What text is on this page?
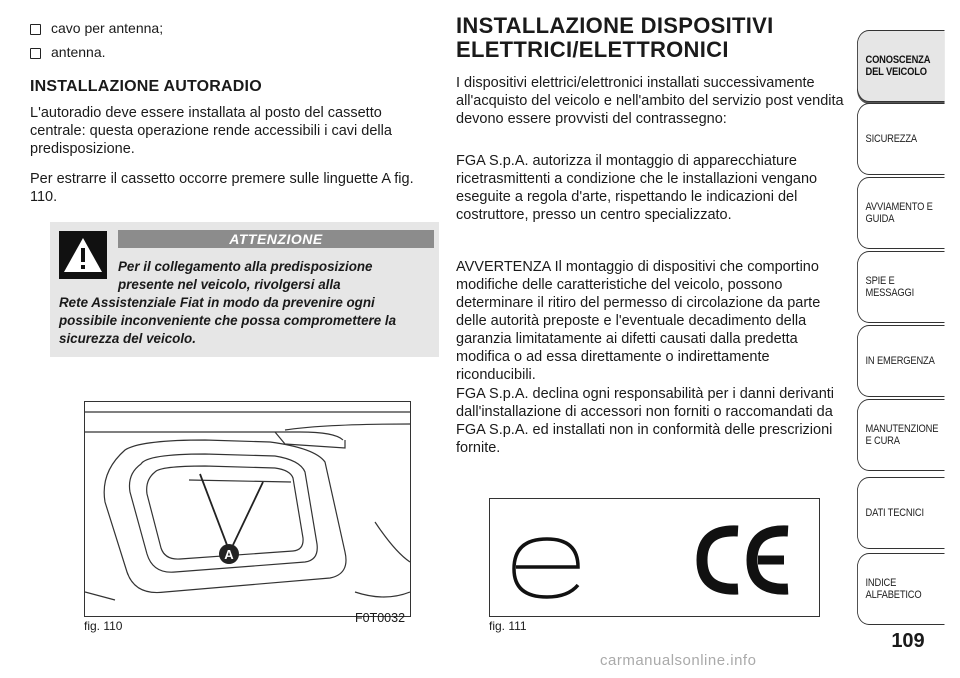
cavo per antenna;
antenna.
INSTALLAZIONE AUTORADIO
L'autoradio deve essere installata al posto del cassetto centrale: questa operazione rende accessibili i cavi della predisposizione.
Per estrarre il cassetto occorre premere sulle linguette A fig. 110.
ATTENZIONE
Per il collegamento alla predisposizione
presente nel veicolo, rivolgersi alla
Rete Assistenziale Fiat in modo da prevenire ogni possibile inconveniente che possa compromettere la sicurezza del veicolo.
A
fig. 110
F0T0032
INSTALLAZIONE DISPOSITIVI
ELETTRICI/ELETTRONICI
I dispositivi elettrici/elettronici installati successivamente all'acquisto del veicolo e nell'ambito del servizio post vendita devono essere provvisti del contrassegno:
FGA S.p.A. autorizza il montaggio di apparecchiature ricetrasmittenti a condizione che le installazioni vengano eseguite a regola d'arte, rispettando le indicazioni del costruttore, presso un centro specializzato.
AVVERTENZA Il montaggio di dispositivi che comportino modifiche delle caratteristiche del veicolo, possono determinare il ritiro del permesso di circolazione da parte delle autorità preposte e l'eventuale decadimento della garanzia limitatamente ai difetti causati dalla predetta modifica o ad essa direttamente o indirettamente riconducibili.
FGA S.p.A. declina ogni responsabilità per i danni derivanti dall'installazione di accessori non forniti o raccomandati da FGA S.p.A. ed installati non in conformità delle prescrizioni fornite.
fig. 111
CONOSCENZA DEL VEICOLO
SICUREZZA
AVVIAMENTO E GUIDA
SPIE E MESSAGGI
IN EMERGENZA
MANUTENZIONE E CURA
DATI TECNICI
INDICE ALFABETICO
109
carmanualsonline.info
